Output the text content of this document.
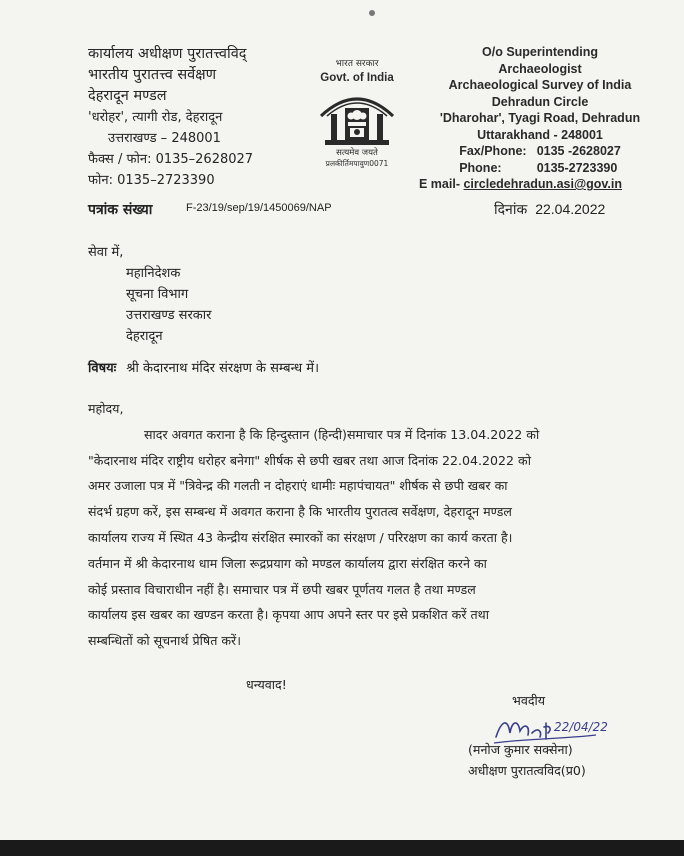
कार्यालय अधीक्षण पुरातत्त्वविद्
भारतीय पुरातत्त्व सर्वेक्षण
देहरादून मण्डल
'धरोहर', त्यागी रोड, देहरादून
उत्तराखण्ड – 248001
फैक्स / फोन: 0135–2628027
फोन: 0135–2723390
भारत सरकार
Govt. of India
सत्यमेव जयते
प्रलकीर्तिमपावुण0071
O/o Superintending
Archaeologist
Archaeological Survey of India
Dehradun Circle
'Dharohar', Tyagi Road, Dehradun
Uttarakhand - 248001
Fax/Phone: 0135 -2628027
Phone:	0135-2723390
E mail- circledehradun.asi@gov.in
पत्रांक संख्या	F-23/19/sep/19/1450069/NAP	दिनांक 22.04.2022
सेवा में,
महानिदेशक
सूचना विभाग
उत्तराखण्ड सरकार
देहरादून
विषयः श्री केदारनाथ मंदिर संरक्षण के सम्बन्ध में।
महोदय,
सादर अवगत कराना है कि हिन्दुस्तान (हिन्दी)समाचार पत्र में दिनांक 13.04.2022 को
"केदारनाथ मंदिर राष्ट्रीय धरोहर बनेगा" शीर्षक से छपी खबर तथा आज दिनांक 22.04.2022 को
अमर उजाला पत्र में "त्रिवेन्द्र की गलती न दोहराएं धामीः महापंचायत" शीर्षक से छपी खबर का
संदर्भ ग्रहण करें, इस सम्बन्ध में अवगत कराना है कि भारतीय पुरातत्व सर्वेक्षण, देहरादून मण्डल
कार्यालय राज्य में स्थित 43 केन्द्रीय संरक्षित स्मारकों का संरक्षण / परिरक्षण का कार्य करता है।
वर्तमान में श्री केदारनाथ धाम जिला रूद्रप्रयाग को मण्डल कार्यालय द्वारा संरक्षित करने का
कोई प्रस्ताव विचाराधीन नहीं है। समाचार पत्र में छपी खबर पूर्णतय गलत है तथा मण्डल
कार्यालय इस खबर का खण्डन करता है। कृपया आप अपने स्तर पर इसे प्रकशित करें तथा
सम्बन्धितों को सूचनार्थ प्रेषित करें।
धन्यवाद!
भवदीय
22/04/22
(मनोज कुमार सक्सेना)
अधीक्षण पुरातत्वविद(प्र0)
